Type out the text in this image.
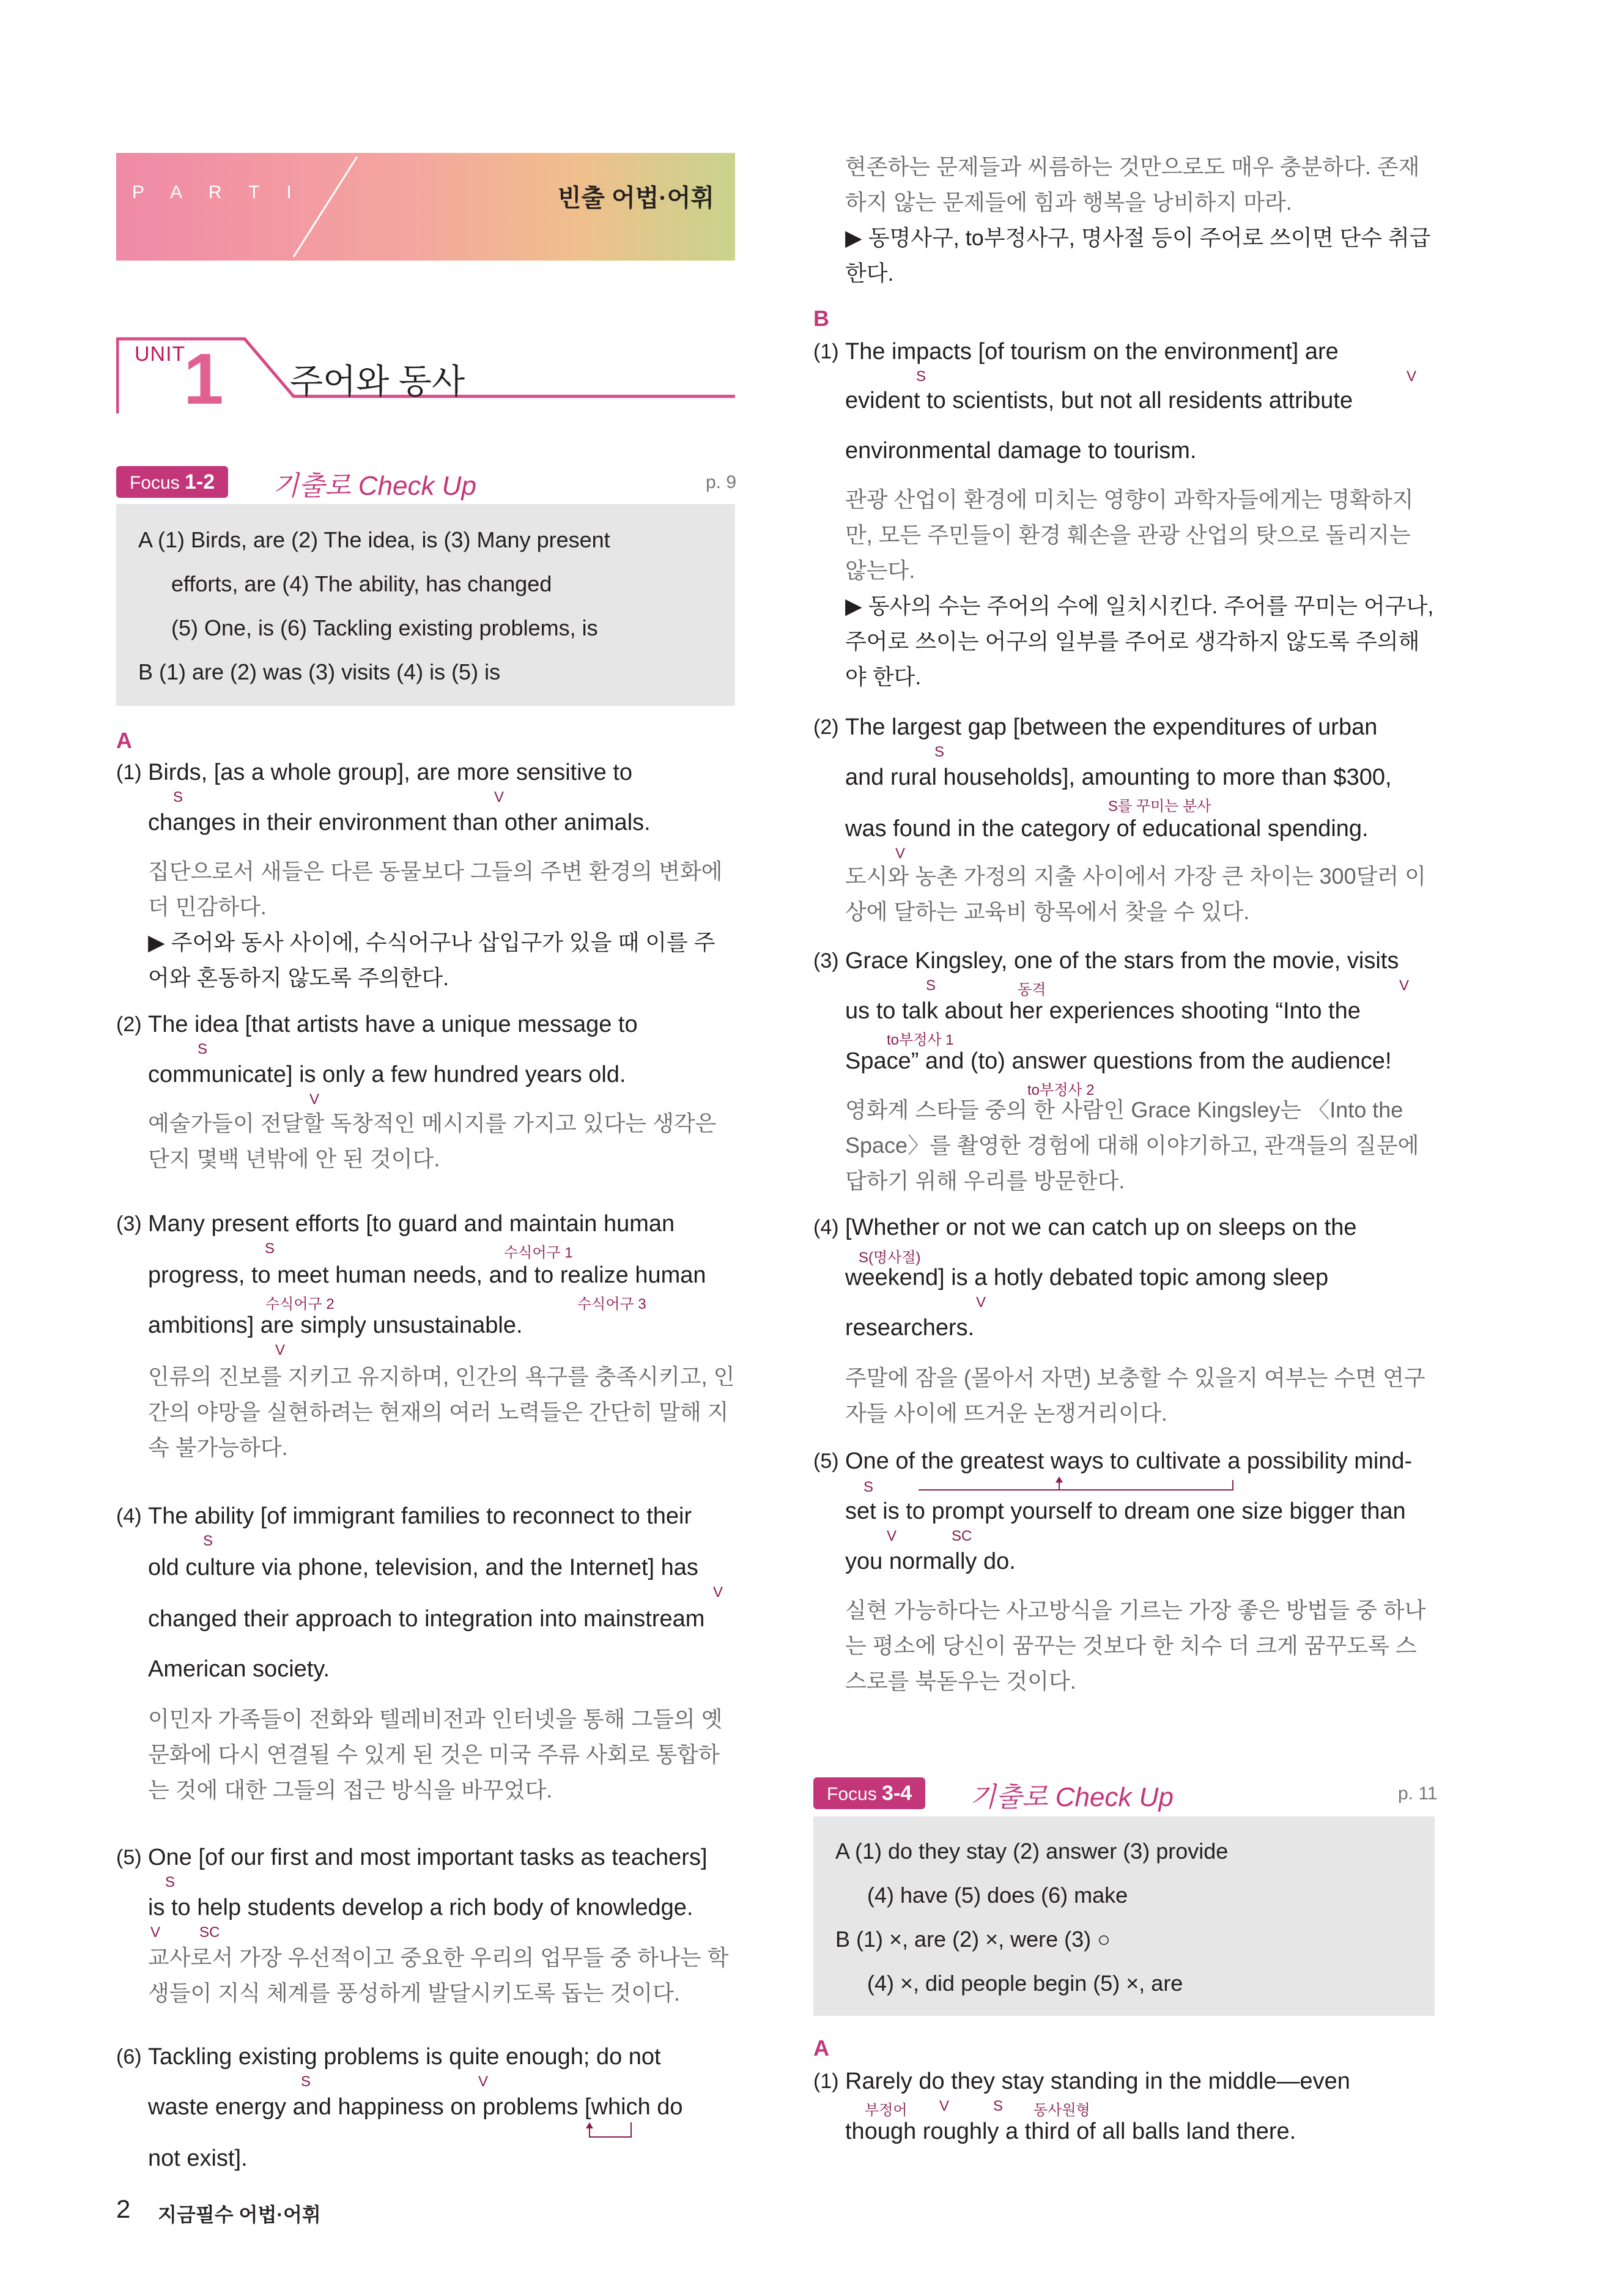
P A R T I	빈출 어법·어휘
UNIT
1 주어와 동사
Focus 1-2	기출로 Check Up	p. 9
A (1) Birds, are (2) The idea, is (3) Many present
efforts, are (4) The ability, has changed
(5) One, is (6) Tackling existing problems, is
B (1) are (2) was (3) visits (4) is (5) is
A
(1) Birds, [as a whole group], are more sensitive to
S	V
changes in their environment than other animals.
집단으로서 새들은 다른 동물보다 그들의 주변 환경의 변화에 더 민감하다.
▶ 주어와 동사 사이에, 수식어구나 삽입구가 있을 때 이를 주어와 혼동하지 않도록 주의한다.
(2) The idea [that artists have a unique message to
S
communicate] is only a few hundred years old.
V
예술가들이 전달할 독창적인 메시지를 가지고 있다는 생각은 단지 몇백 년밖에 안 된 것이다.
(3) Many present efforts [to guard and maintain human
S	수식어구 1
progress, to meet human needs, and to realize human
수식어구 2	수식어구 3
ambitions] are simply unsustainable.
V
인류의 진보를 지키고 유지하며, 인간의 욕구를 충족시키고, 인간의 야망을 실현하려는 현재의 여러 노력들은 간단히 말해 지속 불가능하다.
(4) The ability [of immigrant families to reconnect to their
S
old culture via phone, television, and the Internet] has
V
changed their approach to integration into mainstream
American society.
이민자 가족들이 전화와 텔레비전과 인터넷을 통해 그들의 옛 문화에 다시 연결될 수 있게 된 것은 미국 주류 사회로 통합하는 것에 대한 그들의 접근 방식을 바꾸었다.
(5) One [of our first and most important tasks as teachers]
S
is to help students develop a rich body of knowledge.
V	SC
교사로서 가장 우선적이고 중요한 우리의 업무들 중 하나는 학생들이 지식 체계를 풍성하게 발달시키도록 돕는 것이다.
(6) Tackling existing problems is quite enough; do not
S	V
waste energy and happiness on problems [which do
not exist].
2 지금필수 어법·어휘
현존하는 문제들과 씨름하는 것만으로도 매우 충분하다. 존재하지 않는 문제들에 힘과 행복을 낭비하지 마라.
▶ 동명사구, to부정사구, 명사절 등이 주어로 쓰이면 단수 취급한다.
B
(1) The impacts [of tourism on the environment] are
S	V
evident to scientists, but not all residents attribute
environmental damage to tourism.
관광 산업이 환경에 미치는 영향이 과학자들에게는 명확하지만, 모든 주민들이 환경 훼손을 관광 산업의 탓으로 돌리지는 않는다.
▶ 동사의 수는 주어의 수에 일치시킨다. 주어를 꾸미는 어구나, 주어로 쓰이는 어구의 일부를 주어로 생각하지 않도록 주의해야 한다.
(2) The largest gap [between the expenditures of urban
S
and rural households], amounting to more than $300,
S를 꾸미는 분사
was found in the category of educational spending.
V
도시와 농촌 가정의 지출 사이에서 가장 큰 차이는 300달러 이상에 달하는 교육비 항목에서 찾을 수 있다.
(3) Grace Kingsley, one of the stars from the movie, visits
S	동격	V
us to talk about her experiences shooting “Into the
to부정사 1
Space” and (to) answer questions from the audience!
to부정사 2
영화계 스타들 중의 한 사람인 Grace Kingsley는 〈Into the Space〉를 촬영한 경험에 대해 이야기하고, 관객들의 질문에 답하기 위해 우리를 방문한다.
(4) [Whether or not we can catch up on sleeps on the
S(명사절)
weekend] is a hotly debated topic among sleep
V
researchers.
주말에 잠을 (몰아서 자면) 보충할 수 있을지 여부는 수면 연구자들 사이에 뜨거운 논쟁거리이다.
(5) One of the greatest ways to cultivate a possibility mind-
S
set is to prompt yourself to dream one size bigger than
V	SC
you normally do.
실현 가능하다는 사고방식을 기르는 가장 좋은 방법들 중 하나는 평소에 당신이 꿈꾸는 것보다 한 치수 더 크게 꿈꾸도록 스스로를 북돋우는 것이다.
Focus 3-4	기출로 Check Up	p. 11
A (1) do they stay (2) answer (3) provide
(4) have (5) does (6) make
B (1) ×, are (2) ×, were (3) ○
(4) ×, did people begin (5) ×, are
A
(1) Rarely do they stay standing in the middle—even
부정어 V	S 동사원형
though roughly a third of all balls land there.
